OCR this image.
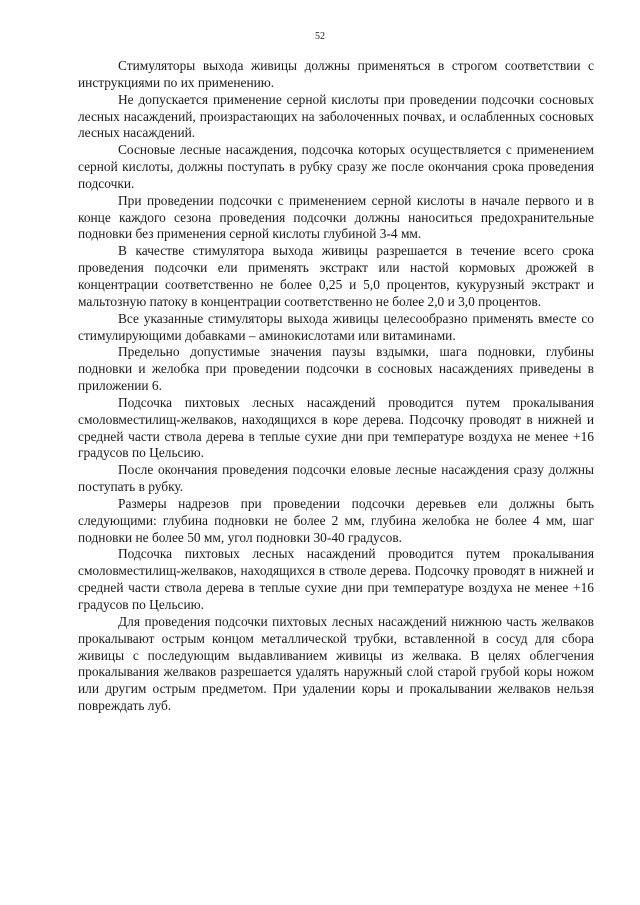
52

Стимуляторы выхода живицы должны применяться в строгом соответствии с инструкциями по их применению.

Не допускается применение серной кислоты при проведении подсочки сосновых лесных насаждений, произрастающих на заболоченных почвах, и ослабленных сосновых лесных насаждений.

Сосновые лесные насаждения, подсочка которых осуществляется с применением серной кислоты, должны поступать в рубку сразу же после окончания срока проведения подсочки.

При проведении подсочки с применением серной кислоты в начале первого и в конце каждого сезона проведения подсочки должны наноситься предохранительные подновки без применения серной кислоты глубиной 3-4 мм.

В качестве стимулятора выхода живицы разрешается в течение всего срока проведения подсочки ели применять экстракт или настой кормовых дрожжей в концентрации соответственно не более 0,25 и 5,0 процентов, кукурузный экстракт и мальтозную патоку в концентрации соответственно не более 2,0 и 3,0 процентов.

Все указанные стимуляторы выхода живицы целесообразно применять вместе со стимулирующими добавками – аминокислотами или витаминами.

Предельно допустимые значения паузы вздымки, шага подновки, глубины подновки и желобка при проведении подсочки в сосновых насаждениях приведены в приложении 6.

Подсочка пихтовых лесных насаждений проводится путем прокалывания смоловместилищ-желваков, находящихся в коре дерева. Подсочку проводят в нижней и средней части ствола дерева в теплые сухие дни при температуре воздуха не менее +16 градусов по Цельсию.

После окончания проведения подсочки еловые лесные насаждения сразу должны поступать в рубку.

Размеры надрезов при проведении подсочки деревьев ели должны быть следующими: глубина подновки не более 2 мм, глубина желобка не более 4 мм, шаг подновки не более 50 мм, угол подновки 30-40 градусов.

Подсочка пихтовых лесных насаждений проводится путем прокалывания смоловместилищ-желваков, находящихся в стволе дерева. Подсочку проводят в нижней и средней части ствола дерева в теплые сухие дни при температуре воздуха не менее +16 градусов по Цельсию.

Для проведения подсочки пихтовых лесных насаждений нижнюю часть желваков прокалывают острым концом металлической трубки, вставленной в сосуд для сбора живицы с последующим выдавливанием живицы из желвака. В целях облегчения прокалывания желваков разрешается удалять наружный слой старой грубой коры ножом или другим острым предметом. При удалении коры и прокалывании желваков нельзя повреждать луб.
